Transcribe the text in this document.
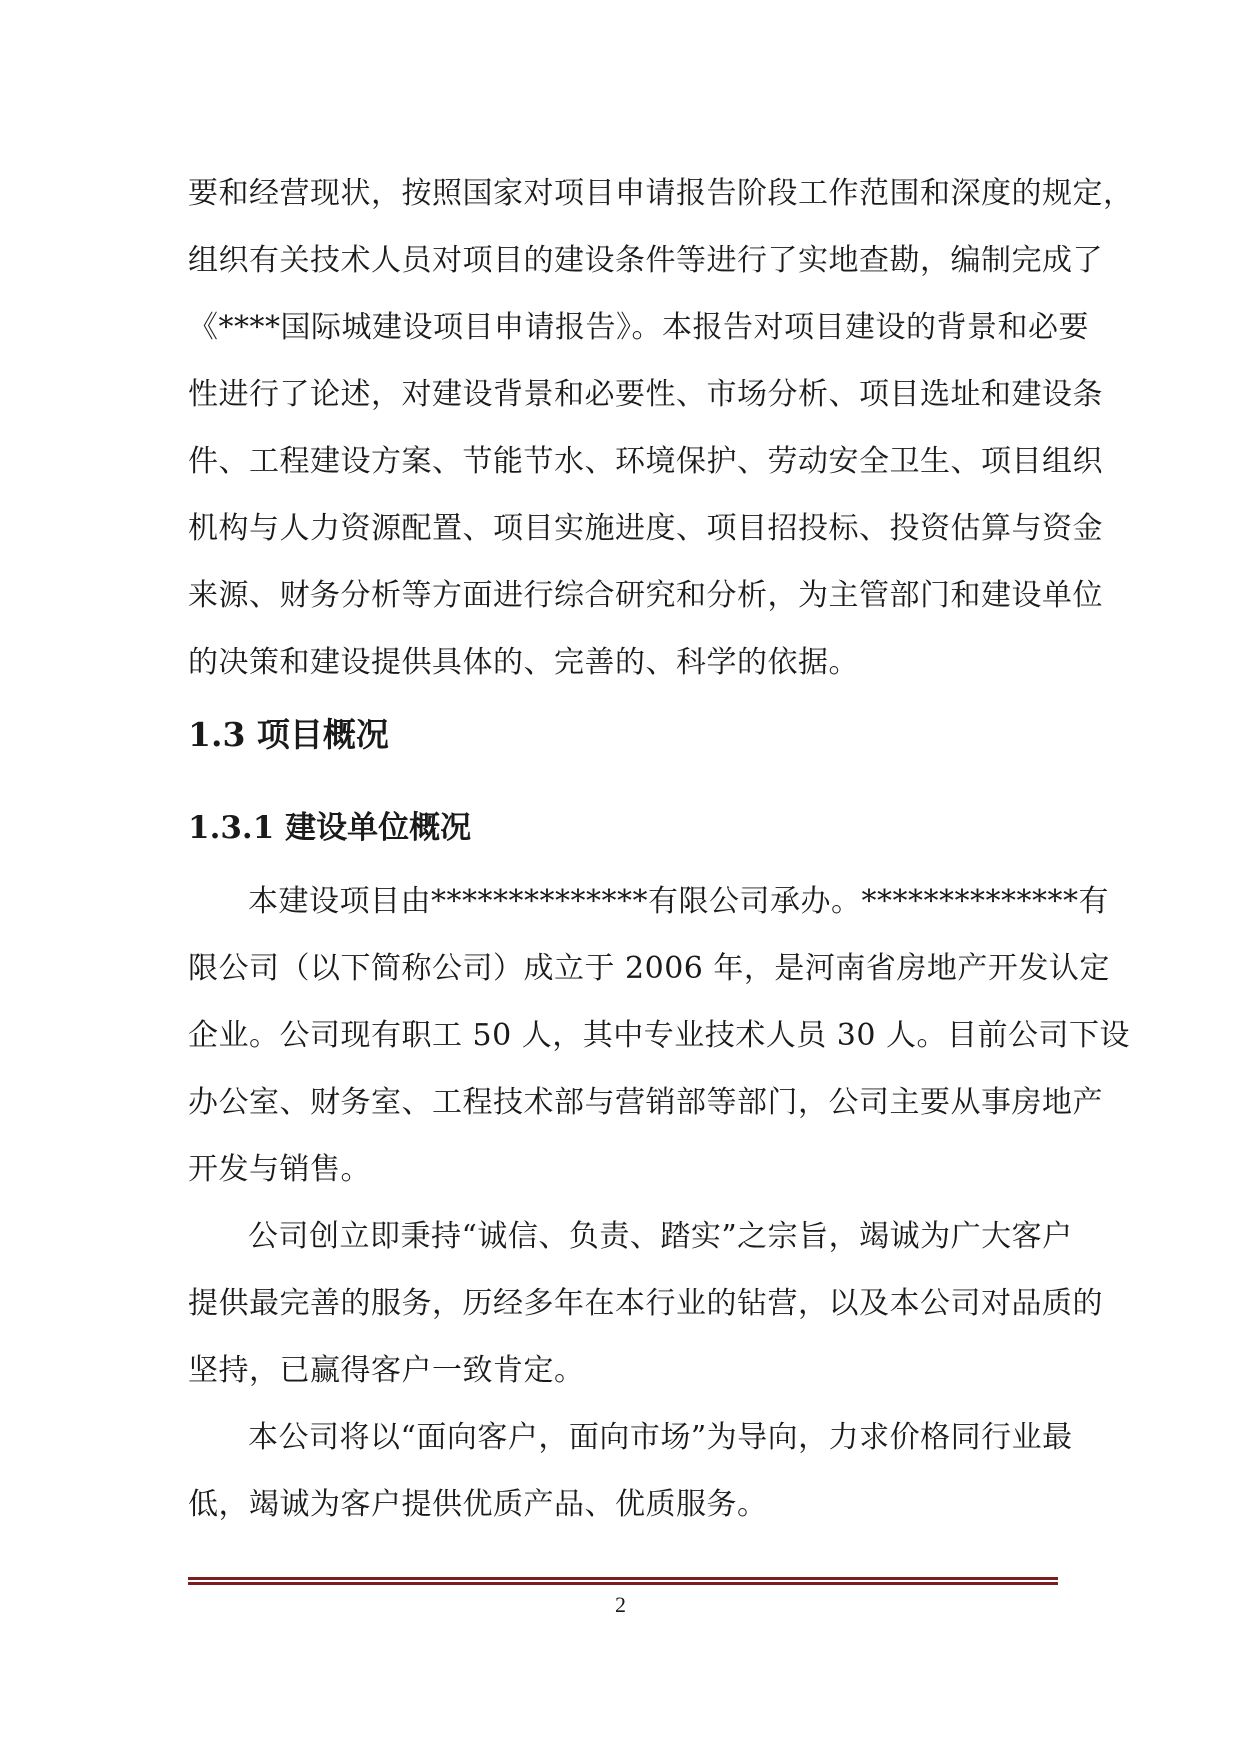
要和经营现状，按照国家对项目申请报告阶段工作范围和深度的规定，
组织有关技术人员对项目的建设条件等进行了实地查勘，编制完成了
《****国际城建设项目申请报告》。本报告对项目建设的背景和必要
性进行了论述，对建设背景和必要性、市场分析、项目选址和建设条
件、工程建设方案、节能节水、环境保护、劳动安全卫生、项目组织
机构与人力资源配置、项目实施进度、项目招投标、投资估算与资金
来源、财务分析等方面进行综合研究和分析，为主管部门和建设单位
的决策和建设提供具体的、完善的、科学的依据。

1.3 项目概况
1.3.1 建设单位概况

本建设项目由**************有限公司承办。**************有
限公司（以下简称公司）成立于 2006 年，是河南省房地产开发认定
企业。公司现有职工 50 人，其中专业技术人员 30 人。目前公司下设
办公室、财务室、工程技术部与营销部等部门，公司主要从事房地产
开发与销售。

公司创立即秉持“诚信、负责、踏实”之宗旨，竭诚为广大客户
提供最完善的服务，历经多年在本行业的钻营，以及本公司对品质的
坚持，已赢得客户一致肯定。

本公司将以“面向客户，面向市场”为导向，力求价格同行业最
低，竭诚为客户提供优质产品、优质服务。

2
